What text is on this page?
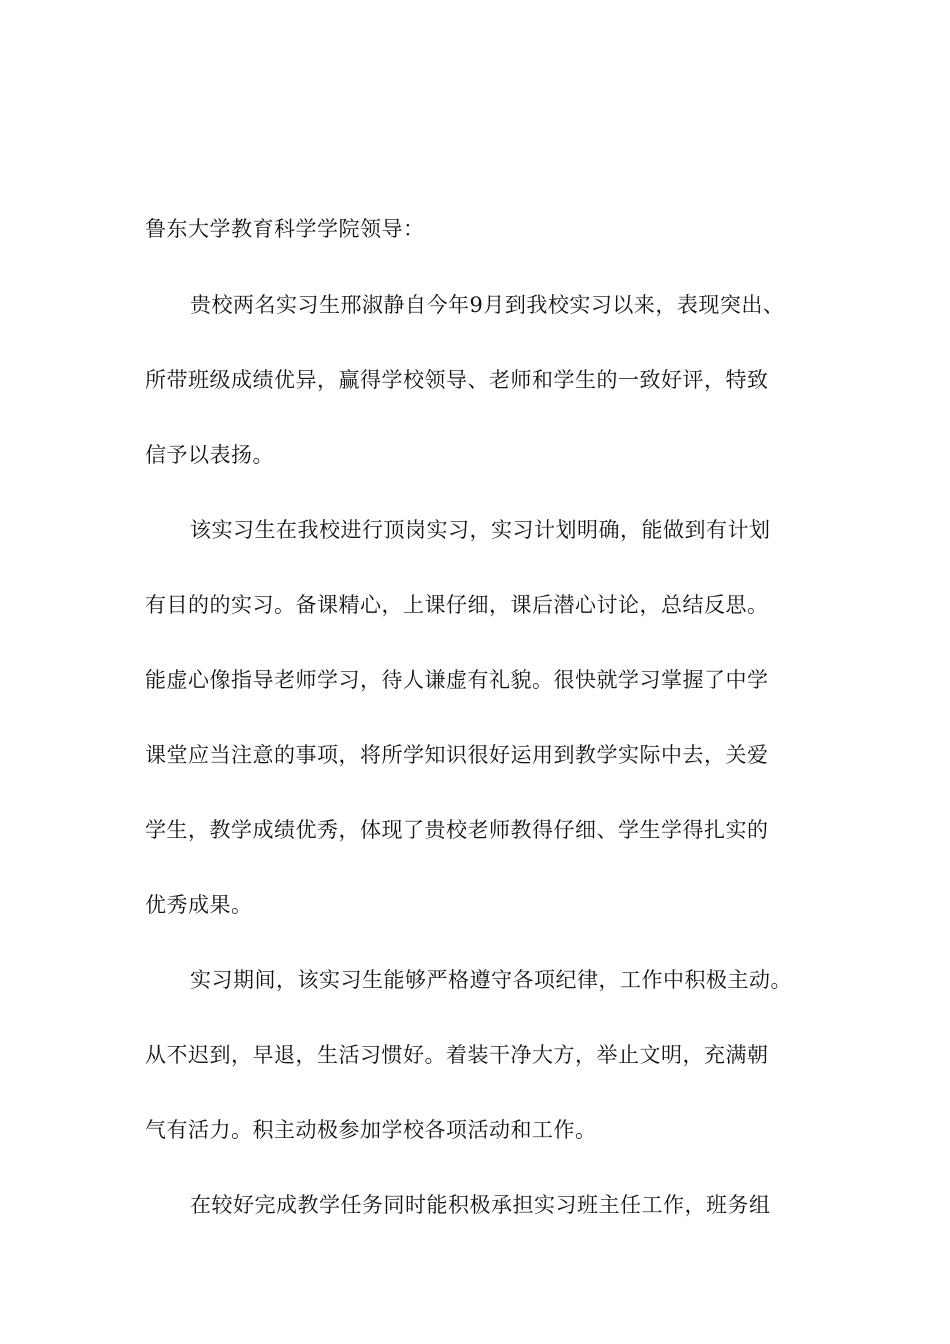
鲁东大学教育科学学院领导：
贵校两名实习生邢淑静自今年9月到我校实习以来，表现突出、
所带班级成绩优异，赢得学校领导、老师和学生的一致好评，特致
信予以表扬。
该实习生在我校进行顶岗实习，实习计划明确，能做到有计划
有目的的实习。备课精心，上课仔细，课后潜心讨论，总结反思。
能虚心像指导老师学习，待人谦虚有礼貌。很快就学习掌握了中学
课堂应当注意的事项，将所学知识很好运用到教学实际中去，关爱
学生，教学成绩优秀，体现了贵校老师教得仔细、学生学得扎实的
优秀成果。
实习期间，该实习生能够严格遵守各项纪律，工作中积极主动。
从不迟到，早退，生活习惯好。着装干净大方，举止文明，充满朝
气有活力。积主动极参加学校各项活动和工作。
在较好完成教学任务同时能积极承担实习班主任工作，班务组
